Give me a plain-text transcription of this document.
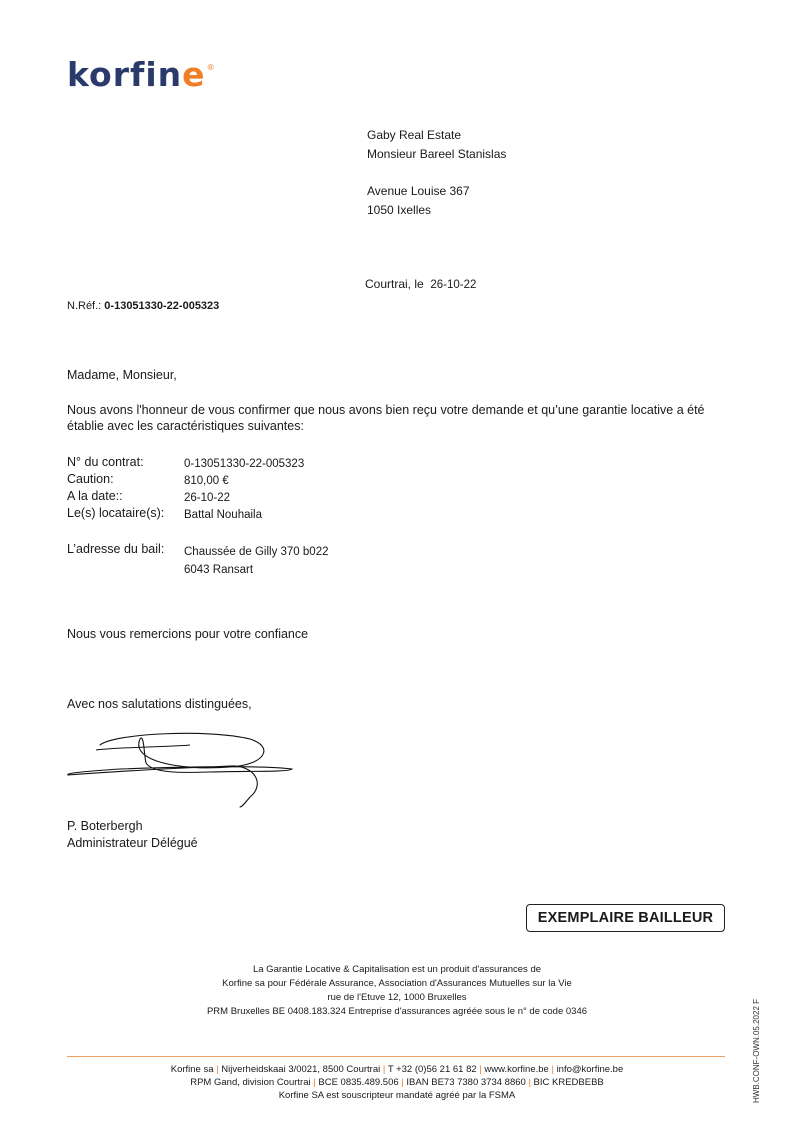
korfine®
Gaby Real Estate
Monsieur Bareel Stanislas
Avenue Louise 367
1050 Ixelles
Courtrai, le 26-10-22
N.Réf.: 0-13051330-22-005323
Madame, Monsieur,
Nous avons l'honneur de vous confirmer que nous avons bien reçu votre demande et qu’une garantie locative a été établie avec les caractéristiques suivantes:
N° du contrat:	0-13051330-22-005323
Caution:	810,00 €
A la date::	26-10-22
Le(s) locataire(s):	Battal Nouhaila
L’adresse du bail:	Chaussée de Gilly 370 b022
6043 Ransart
Nous vous remercions pour votre confiance
Avec nos salutations distinguées,
P. Boterbergh
Administrateur Délégué
EXEMPLAIRE BAILLEUR
La Garantie Locative & Capitalisation est un produit d'assurances de
Korfine sa pour Fédérale Assurance, Association d'Assurances Mutuelles sur la Vie
rue de l'Etuve 12, 1000 Bruxelles
PRM Bruxelles BE 0408.183.324 Entreprise d'assurances agréée sous le n° de code 0346
Korfine sa | Nijverheidskaai 3/0021, 8500 Courtrai | T +32 (0)56 21 61 82 | www.korfine.be | info@korfine.be
RPM Gand, division Courtrai | BCE 0835.489.506 | IBAN BE73 7380 3734 8860 | BIC KREDBEBB
Korfine SA est souscripteur mandaté agréé par la FSMA	HWB.CONF-OWN.05.2022 F
